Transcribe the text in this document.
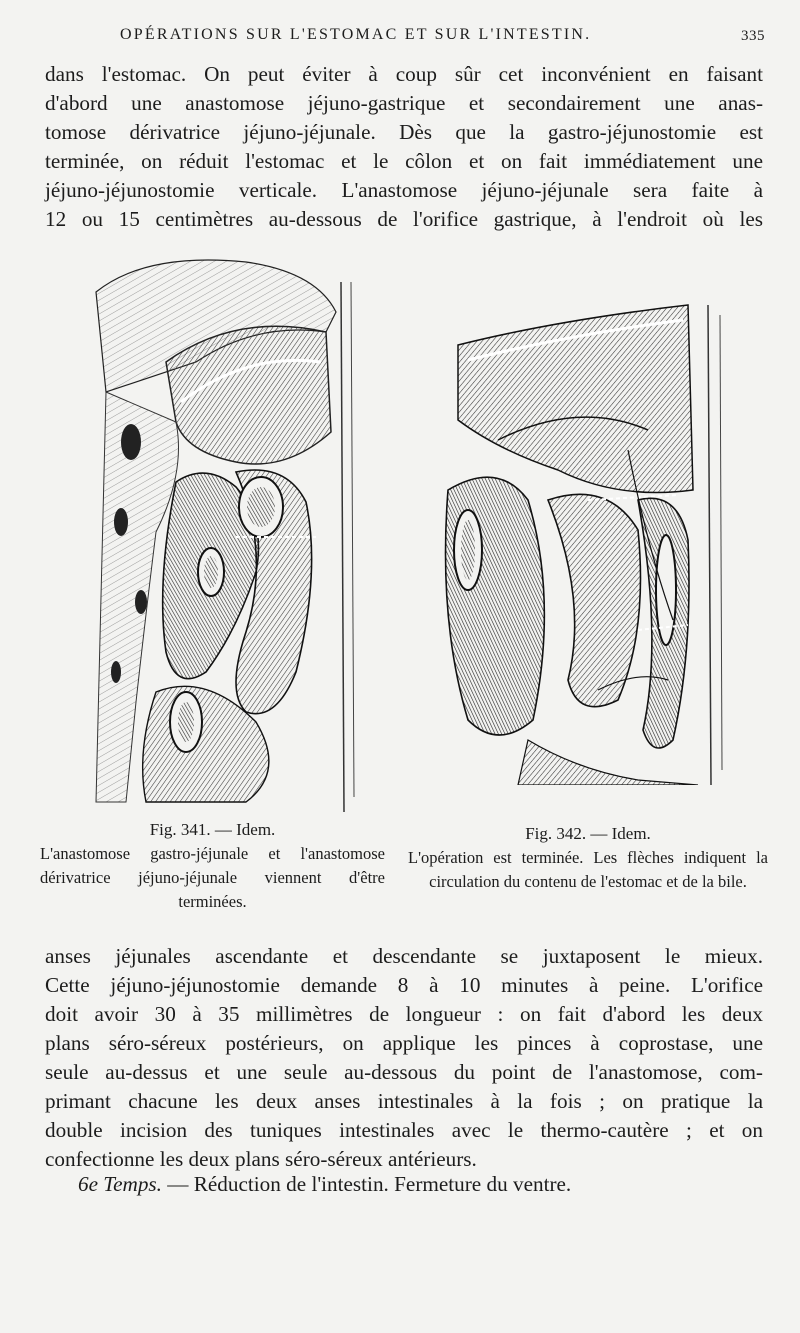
OPÉRATIONS SUR L'ESTOMAC ET SUR L'INTESTIN.	335
dans l'estomac. On peut éviter à coup sûr cet inconvénient en faisant
d'abord une anastomose jéjuno-gastrique et secondairement une anas-
tomose dérivatrice jéjuno-jéjunale. Dès que la gastro-jéjunostomie est
terminée, on réduit l'estomac et le côlon et on fait immédiatement une
jéjuno-jéjunostomie verticale. L'anastomose jéjuno-jéjunale sera faite à
12 ou 15 centimètres au-dessous de l'orifice gastrique, à l'endroit où les
Fig. 341. — Idem.
L'anastomose gastro-jéjunale et l'anastomose dérivatrice jéjuno-jéjunale viennent d'être terminées.
Fig. 342. — Idem.
L'opération est terminée. Les flèches indiquent la circulation du contenu de l'estomac et de la bile.
anses jéjunales ascendante et descendante se juxtaposent le mieux.
Cette jéjuno-jéjunostomie demande 8 à 10 minutes à peine. L'orifice
doit avoir 30 à 35 millimètres de longueur : on fait d'abord les deux
plans séro-séreux postérieurs, on applique les pinces à coprostase, une
seule au-dessus et une seule au-dessous du point de l'anastomose, com-
primant chacune les deux anses intestinales à la fois ; on pratique la
double incision des tuniques intestinales avec le thermo-cautère ; et on
confectionne les deux plans séro-séreux antérieurs.
6e Temps. — Réduction de l'intestin. Fermeture du ventre.
